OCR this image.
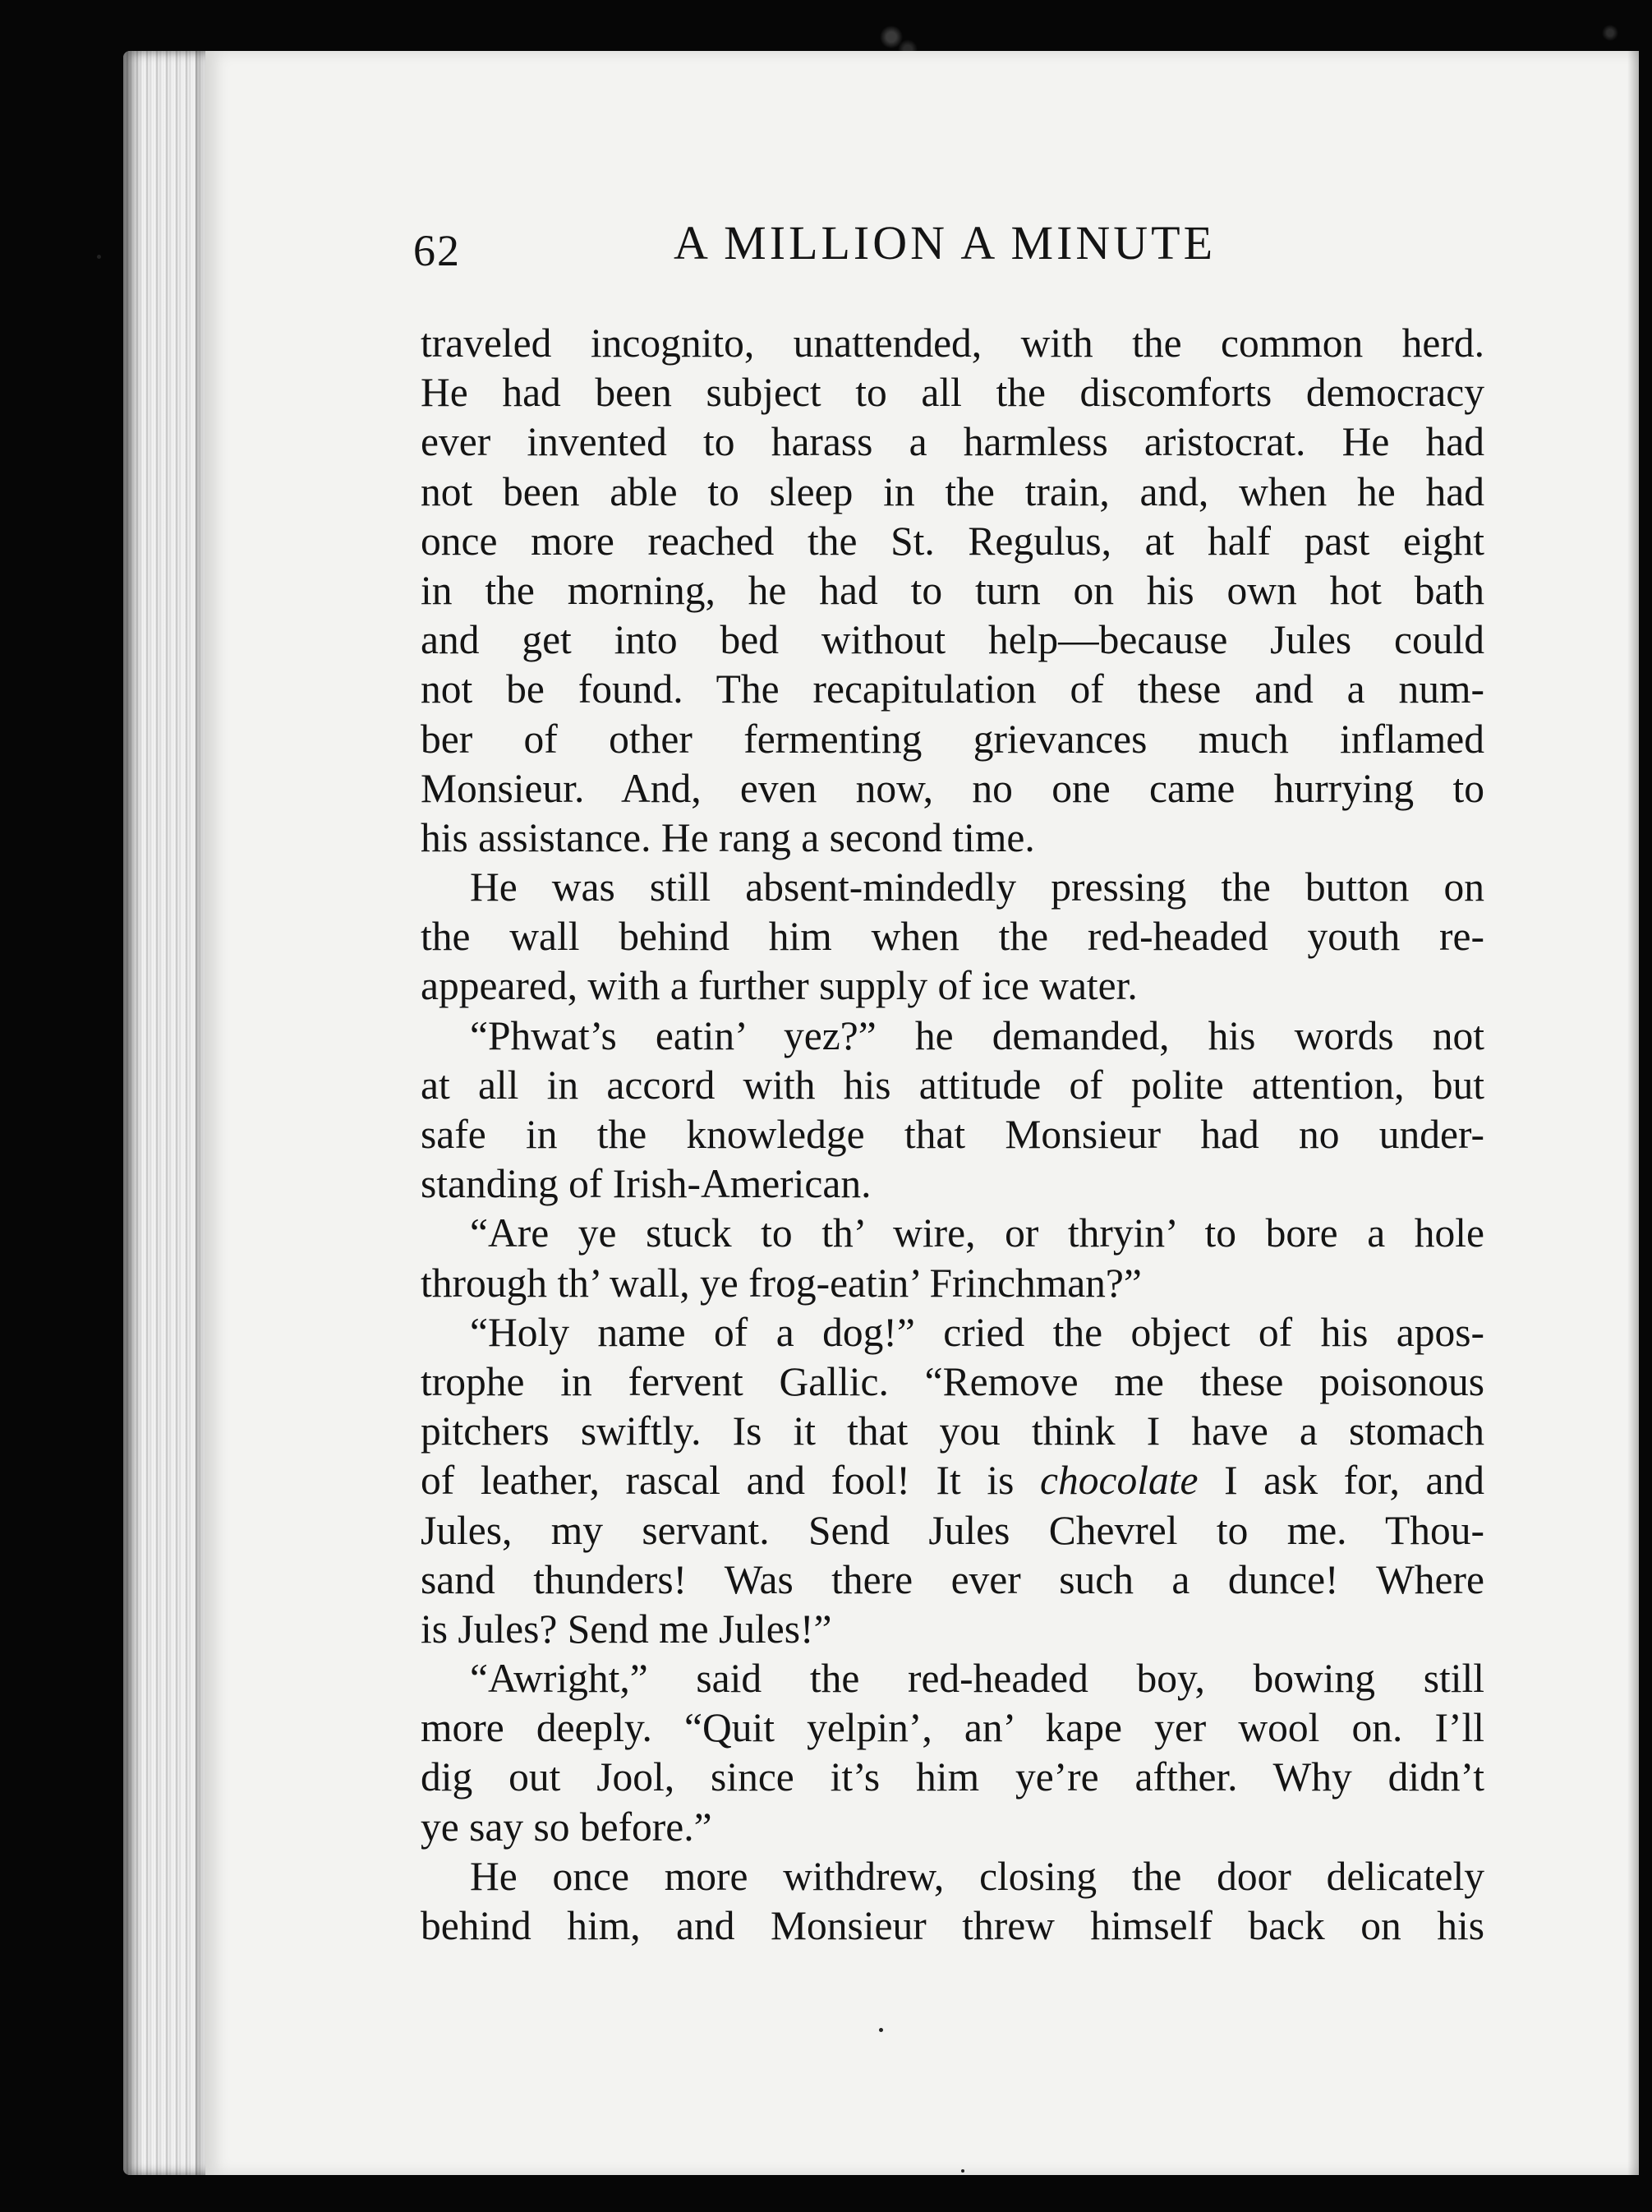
62	A MILLION A MINUTE
traveled incognito, unattended, with the common herd.
He had been subject to all the discomforts democracy
ever invented to harass a harmless aristocrat. He had
not been able to sleep in the train, and, when he had
once more reached the St. Regulus, at half past eight
in the morning, he had to turn on his own hot bath
and get into bed without help—because Jules could
not be found. The recapitulation of these and a num-
ber of other fermenting grievances much inflamed
Monsieur. And, even now, no one came hurrying to
his assistance. He rang a second time.
He was still absent-mindedly pressing the button on
the wall behind him when the red-headed youth re-
appeared, with a further supply of ice water.
“Phwat’s eatin’ yez?” he demanded, his words not
at all in accord with his attitude of polite attention, but
safe in the knowledge that Monsieur had no under-
standing of Irish-American.
“Are ye stuck to th’ wire, or thryin’ to bore a hole
through th’ wall, ye frog-eatin’ Frinchman?”
“Holy name of a dog!” cried the object of his apos-
trophe in fervent Gallic. “Remove me these poisonous
pitchers swiftly. Is it that you think I have a stomach
of leather, rascal and fool! It is chocolate I ask for, and
Jules, my servant. Send Jules Chevrel to me. Thou-
sand thunders! Was there ever such a dunce! Where
is Jules? Send me Jules!”
“Awright,” said the red-headed boy, bowing still
more deeply. “Quit yelpin’, an’ kape yer wool on. I’ll
dig out Jool, since it’s him ye’re afther. Why didn’t
ye say so before.”
He once more withdrew, closing the door delicately
behind him, and Monsieur threw himself back on his
